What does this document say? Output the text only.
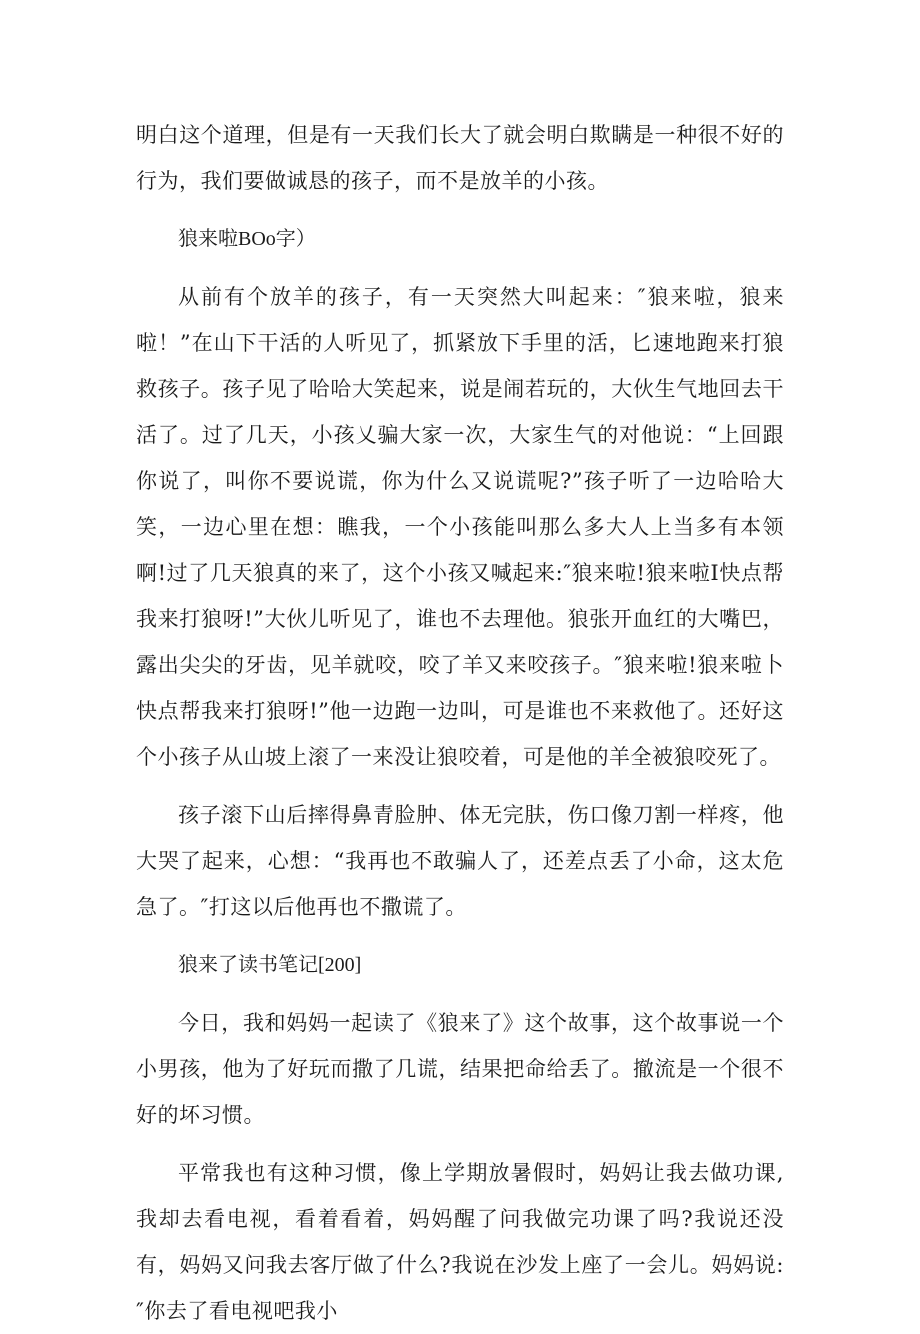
明白这个道理，但是有一天我们长大了就会明白欺瞒是一种很不好的行为，我们要做诚恳的孩子，而不是放羊的小孩。

狼来啦BOo字）

从前有个放羊的孩子，有一天突然大叫起来：″狼来啦，狼来啦！”在山下干活的人听见了，抓紧放下手里的活，匕速地跑来打狼救孩子。孩子见了哈哈大笑起来，说是闹若玩的，大伙生气地回去干活了。过了几天，小孩乂骗大家一次，大家生气的对他说：“上回跟你说了，叫你不要说谎，你为什么又说谎呢?”孩子听了一边哈哈大笑，一边心里在想：瞧我，一个小孩能叫那么多大人上当多有本领啊!过了几天狼真的来了，这个小孩又喊起来:″狼来啦!狼来啦I快点帮我来打狼呀!”大伙儿听见了，谁也不去理他。狼张开血红的大嘴巴，露出尖尖的牙齿，见羊就咬，咬了羊又来咬孩子。″狼来啦!狼来啦卜快点帮我来打狼呀!”他一边跑一边叫，可是谁也不来救他了。还好这个小孩子从山坡上滚了一来没让狼咬着，可是他的羊全被狼咬死了。

孩子滚下山后摔得鼻青脸肿、体无完肤，伤口像刀割一样疼，他大哭了起来，心想：“我再也不敢骗人了，还差点丢了小命，这太危急了。″打这以后他再也不撒谎了。

狼来了读书笔记[200]

今日，我和妈妈一起读了《狼来了》这个故事，这个故事说一个小男孩，他为了好玩而撒了几谎，结果把命给丢了。撤流是一个很不好的坏习惯。

平常我也有这种习惯，像上学期放暑假时，妈妈让我去做功课,我却去看电视，看着看着，妈妈醒了问我做完功课了吗?我说还没有，妈妈又问我去客厅做了什么?我说在沙发上座了一会儿。妈妈说:″你去了看电视吧我小
